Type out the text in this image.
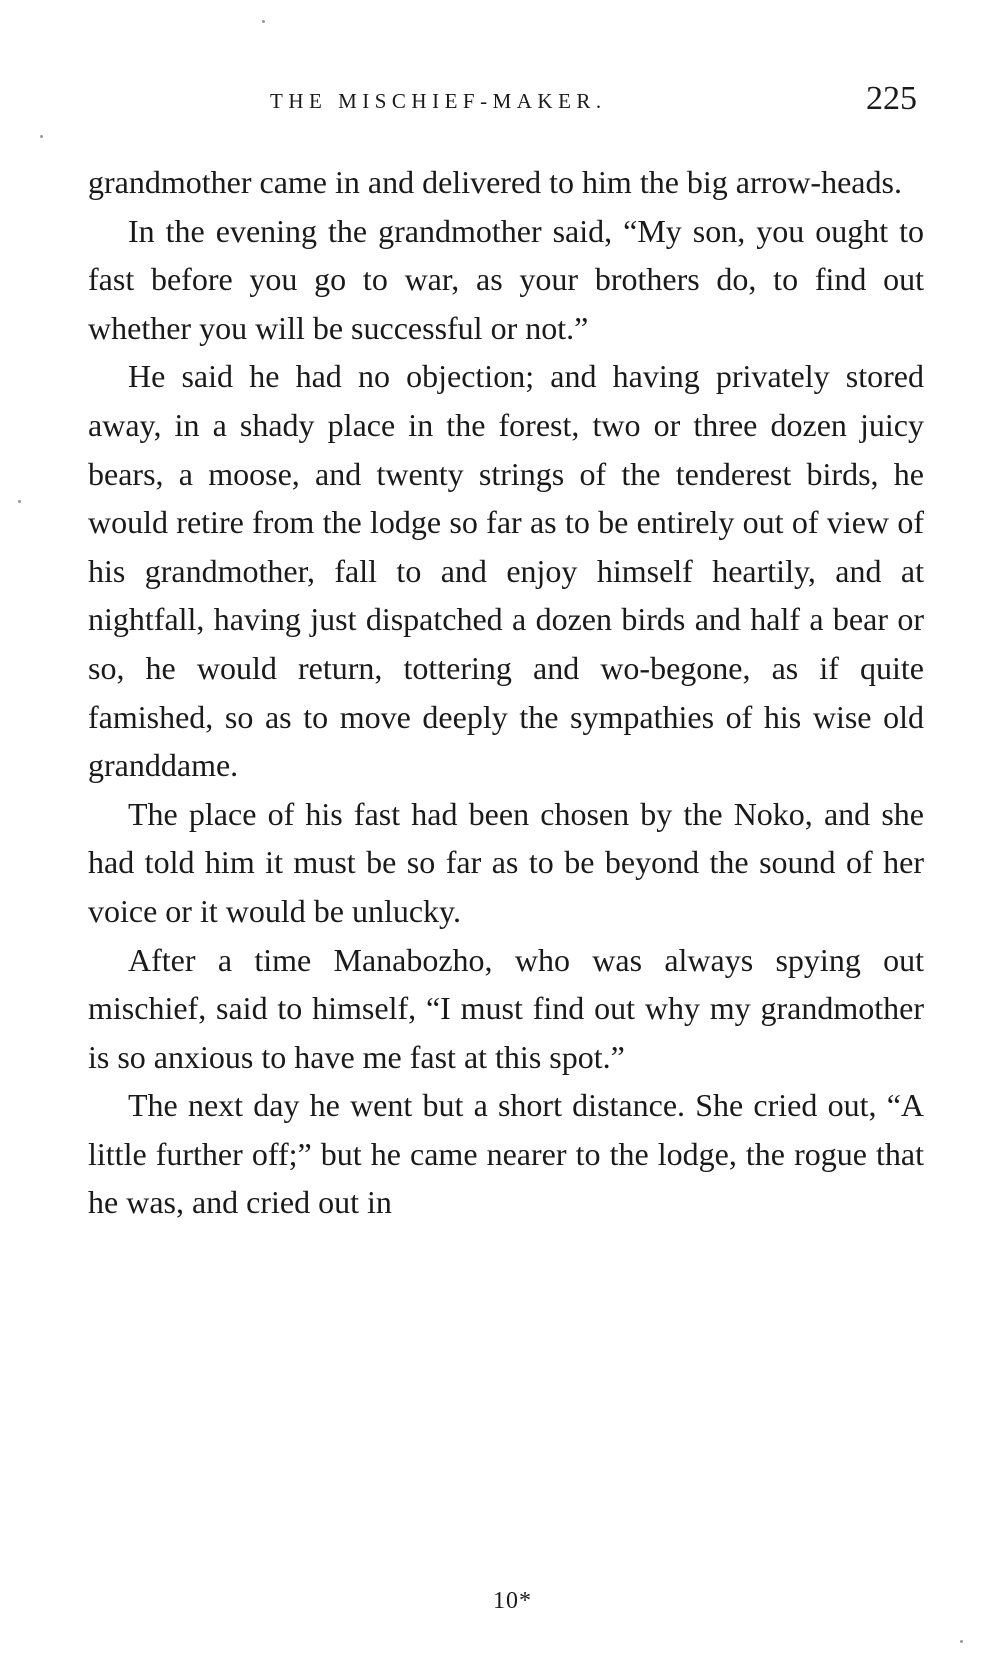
THE MISCHIEF-MAKER.	225

grandmother came in and delivered to him the big arrow-heads.

In the evening the grandmother said, “My son, you ought to fast before you go to war, as your brothers do, to find out whether you will be successful or not.”

He said he had no objection; and having privately stored away, in a shady place in the forest, two or three dozen juicy bears, a moose, and twenty strings of the tenderest birds, he would retire from the lodge so far as to be entirely out of view of his grandmother, fall to and enjoy himself heartily, and at nightfall, having just dispatched a dozen birds and half a bear or so, he would return, tottering and wo-begone, as if quite famished, so as to move deeply the sympathies of his wise old granddame.

The place of his fast had been chosen by the Noko, and she had told him it must be so far as to be beyond the sound of her voice or it would be unlucky.

After a time Manabozho, who was always spying out mischief, said to himself, “I must find out why my grandmother is so anxious to have me fast at this spot.”

The next day he went but a short distance. She cried out, “A little further off;” but he came nearer to the lodge, the rogue that he was, and cried out in

10*
